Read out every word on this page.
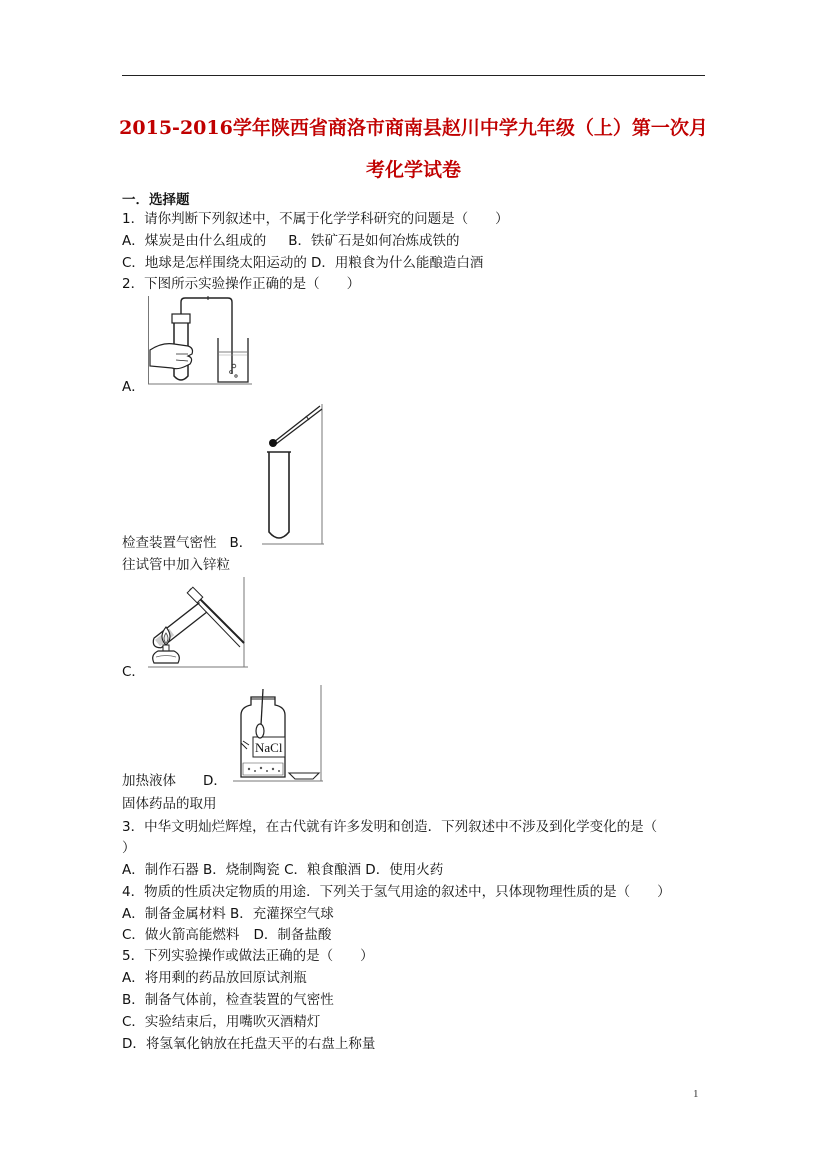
2015-2016学年陕西省商洛市商南县赵川中学九年级（上）第一次月
考化学试卷
一．选择题
1．请你判断下列叙述中，不属于化学学科研究的问题是（　　）
A．煤炭是由什么组成的 B．铁矿石是如何冶炼成铁的
C．地球是怎样围绕太阳运动的 D．用粮食为什么能酿造白酒
2．下图所示实验操作正确的是（　　）
A．
检查装置气密性 B．
往试管中加入锌粒
C．
NaCl
加热液体 D．
固体药品的取用
3．中华文明灿烂辉煌，在古代就有许多发明和创造．下列叙述中不涉及到化学变化的是（
）
A．制作石器 B．烧制陶瓷 C．粮食酿酒 D．使用火药
4．物质的性质决定物质的用途．下列关于氢气用途的叙述中，只体现物理性质的是（　　）
A．制备金属材料 B．充灌探空气球
C．做火箭高能燃料 D．制备盐酸
5．下列实验操作或做法正确的是（　　）
A．将用剩的药品放回原试剂瓶
B．制备气体前，检查装置的气密性
C．实验结束后，用嘴吹灭酒精灯
D．将氢氧化钠放在托盘天平的右盘上称量
1
